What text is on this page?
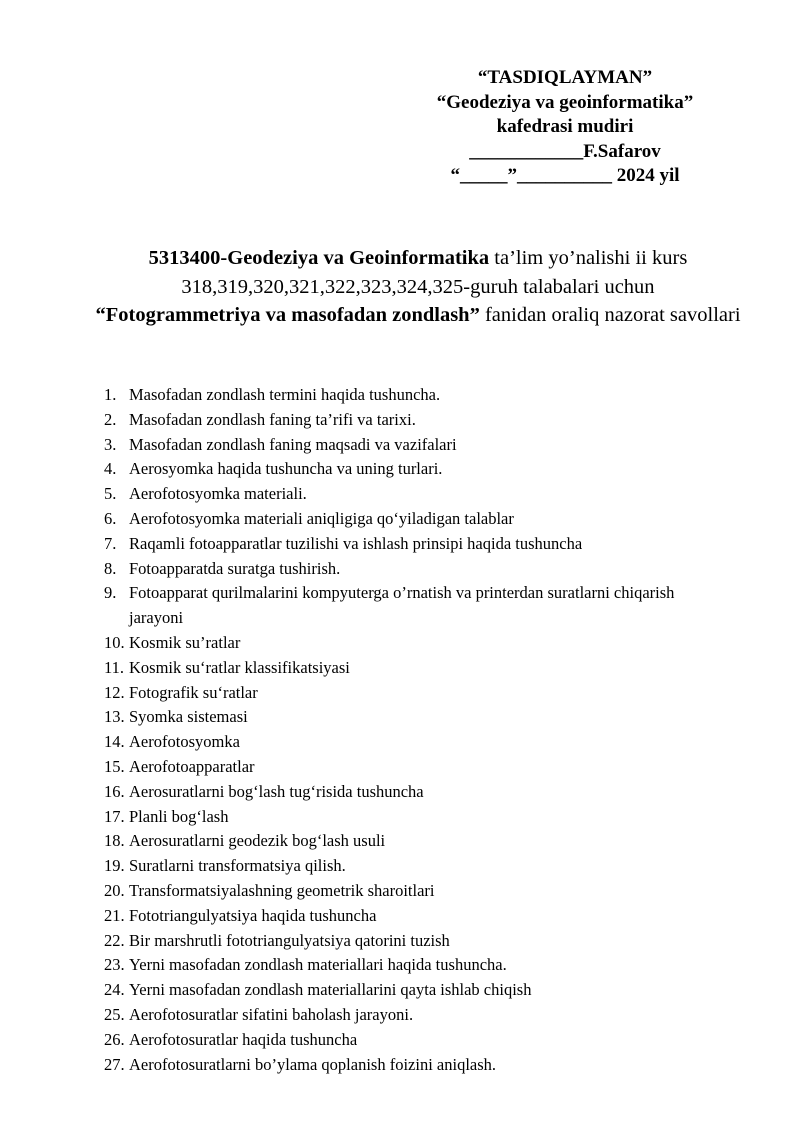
“TASDIQLAYMAN”
“Geodeziya va geoinformatika”
kafedrasi mudiri
____________F.Safarov
“_____”__________ 2024 yil
5313400-Geodeziya va Geoinformatika ta’lim yo’nalishi ii kurs
318,319,320,321,322,323,324,325-guruh talabalari uchun
“Fotogrammetriya va masofadan zondlash” fanidan oraliq nazorat savollari
1. Masofadan zondlash termini haqida tushuncha.
2. Masofadan zondlash faning ta’rifi va tarixi.
3. Masofadan zondlash faning maqsadi va vazifalari
4. Aerosyomka haqida tushuncha va uning turlari.
5. Aerofotosyomka materiali.
6. Aerofotosyomka materiali aniqligiga qo‘yiladigan talablar
7. Raqamli fotoapparatlar tuzilishi va ishlash prinsipi haqida tushuncha
8. Fotoapparatda suratga tushirish.
9. Fotoapparat qurilmalarini kompyuterga o’rnatish va printerdan suratlarni chiqarish jarayoni
10. Kosmik su’ratlar
11. Kosmik su‘ratlar klassifikatsiyasi
12. Fotografik su‘ratlar
13. Syomka sistemasi
14. Aerofotosyomka
15. Aerofotoapparatlar
16. Aerosuratlarni bog‘lash tug‘risida tushuncha
17. Planli bog‘lash
18. Aerosuratlarni geodezik bog‘lash usuli
19. Suratlarni transformatsiya qilish.
20. Transformatsiyalashning geometrik sharoitlari
21. Fototriangulyatsiya haqida tushuncha
22. Bir marshrutli fototriangulyatsiya qatorini tuzish
23. Yerni masofadan zondlash materiallari haqida tushuncha.
24. Yerni masofadan zondlash materiallarini qayta ishlab chiqish
25. Aerofotosuratlar sifatini baholash jarayoni.
26. Aerofotosuratlar haqida tushuncha
27. Aerofotosuratlarni bo’ylama qoplanish foizini aniqlash.
